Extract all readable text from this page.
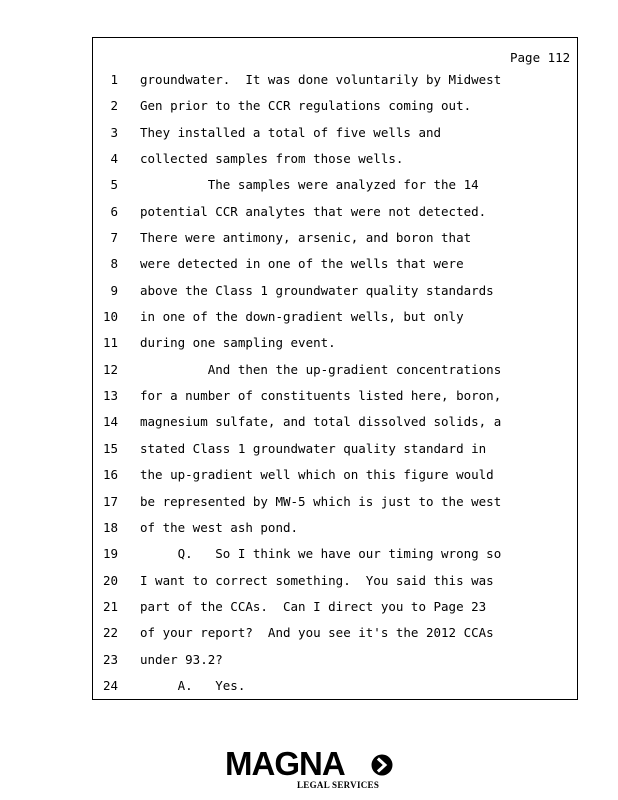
Page 112
1 groundwater.  It was done voluntarily by Midwest
2 Gen prior to the CCR regulations coming out.
3 They installed a total of five wells and
4 collected samples from those wells.
5 The samples were analyzed for the 14
6 potential CCR analytes that were not detected.
7 There were antimony, arsenic, and boron that
8 were detected in one of the wells that were
9 above the Class 1 groundwater quality standards
10 in one of the down-gradient wells, but only
11 during one sampling event.
12 And then the up-gradient concentrations
13 for a number of constituents listed here, boron,
14 magnesium sulfate, and total dissolved solids, a
15 stated Class 1 groundwater quality standard in
16 the up-gradient well which on this figure would
17 be represented by MW-5 which is just to the west
18 of the west ash pond.
19 Q.   So I think we have our timing wrong so
20 I want to correct something.  You said this was
21 part of the CCAs.  Can I direct you to Page 23
22 of your report?  And you see it's the 2012 CCAs
23 under 93.2?
24 A.   Yes.
MAGNA
LEGAL SERVICES
